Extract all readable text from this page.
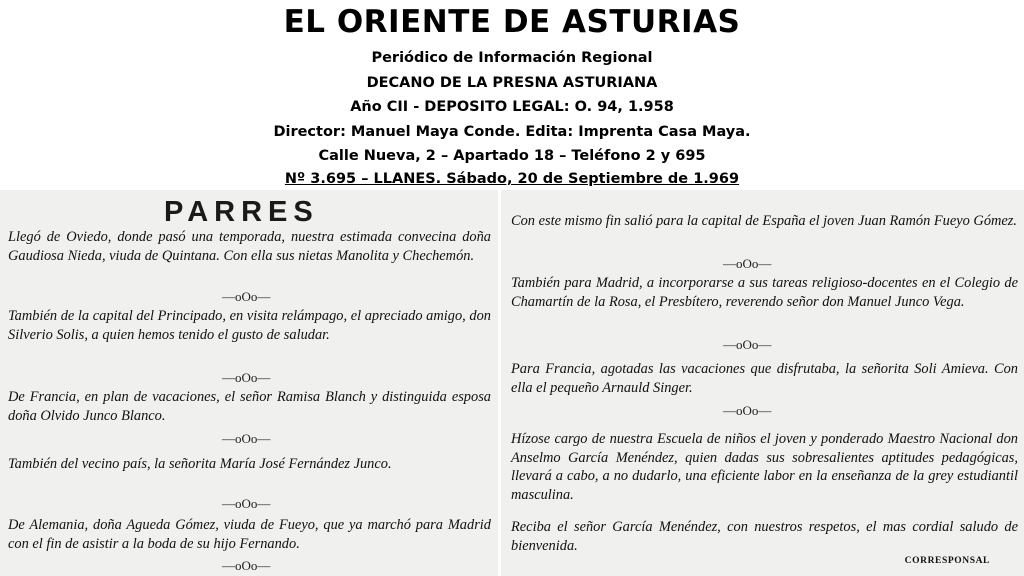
EL ORIENTE DE ASTURIAS
Periódico de Información Regional
DECANO DE LA PRESNA ASTURIANA
Año CII - DEPOSITO LEGAL: O. 94, 1.958
Director: Manuel Maya Conde. Edita: Imprenta Casa Maya.
Calle Nueva, 2 – Apartado 18 – Teléfono 2 y 695
Nº 3.695 – LLANES. Sábado, 20 de Septiembre de 1.969
PARRES

Llegó de Oviedo, donde pasó una temporada, nuestra estimada convecina doña Gaudiosa Nieda, viuda de Quintana. Con ella sus nietas Manolita y Chechemón.

—oOo—

También de la capital del Principado, en visita relámpago, el apreciado amigo, don Silverio Solis, a quien hemos tenido el gusto de saludar.

—oOo—

De Francia, en plan de vacaciones, el señor Ramisa Blanch y distinguida esposa doña Olvido Junco Blanco.

—oOo—

También del vecino país, la señorita María José Fernández Junco.

—oOo—

De Alemania, doña Agueda Gómez, viuda de Fueyo, que ya marchó para Madrid con el fin de asistir a la boda de su hijo Fernando.

—oOo—

Con este mismo fin salió para la capital de España el joven Juan Ramón Fueyo Gómez.

—oOo—

También para Madrid, a incorporarse a sus tareas religioso-docentes en el Colegio de Chamartín de la Rosa, el Presbítero, reverendo señor don Manuel Junco Vega.

—oOo—

Para Francia, agotadas las vacaciones que disfrutaba, la señorita Soli Amieva. Con ella el pequeño Arnauld Singer.

—oOo—

Hízose cargo de nuestra Escuela de niños el joven y ponderado Maestro Nacional don Anselmo García Menéndez, quien dadas sus sobresalientes aptitudes pedagógicas, llevará a cabo, a no dudarlo, una eficiente labor en la enseñanza de la grey estudiantil masculina.

Reciba el señor García Menéndez, con nuestros respetos, el mas cordial saludo de bienvenida.

CORRESPONSAL
